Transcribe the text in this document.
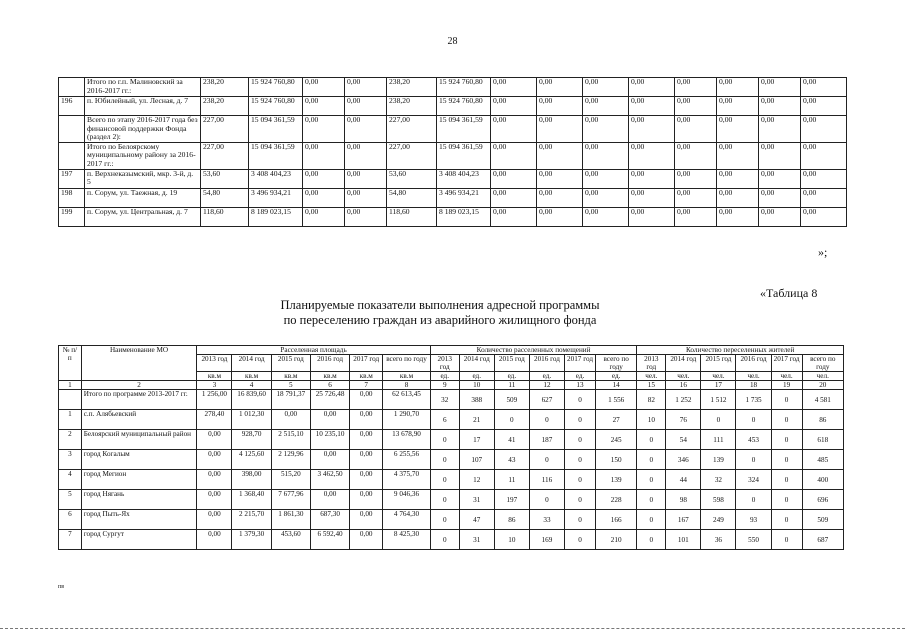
28
	Итого по г.п. Малиновский за 2016-2017 гг.:	238,20	15 924 760,80	0,00	0,00	238,20	15 924 760,80	0,00	0,00	0,00	0,00	0,00	0,00	0,00	0,00
196	п. Юбилейный, ул. Лесная, д. 7	238,20	15 924 760,80	0,00	0,00	238,20	15 924 760,80	0,00	0,00	0,00	0,00	0,00	0,00	0,00	0,00
	Всего по этапу 2016-2017 года без финансовой поддержки Фонда (раздел 2):	227,00	15 094 361,59	0,00	0,00	227,00	15 094 361,59	0,00	0,00	0,00	0,00	0,00	0,00	0,00	0,00
	Итого по Белоярскому муниципальному району за 2016-2017 гг.:	227,00	15 094 361,59	0,00	0,00	227,00	15 094 361,59	0,00	0,00	0,00	0,00	0,00	0,00	0,00	0,00
197	п. Верхнеказымский, мкр. 3-й, д. 5	53,60	3 408 404,23	0,00	0,00	53,60	3 408 404,23	0,00	0,00	0,00	0,00	0,00	0,00	0,00	0,00
198	п. Сорум, ул. Таежная, д. 19	54,80	3 496 934,21	0,00	0,00	54,80	3 496 934,21	0,00	0,00	0,00	0,00	0,00	0,00	0,00	0,00
199	п. Сорум, ул. Центральная, д. 7	118,60	8 189 023,15	0,00	0,00	118,60	8 189 023,15	0,00	0,00	0,00	0,00	0,00	0,00	0,00	0,00
»;
«Таблица 8
Планируемые показатели выполнения адресной программы
по переселению граждан из аварийного жилищного фонда
№ п/п	Наименование МО	Расселенная площадь						Количество расселенных помещений						Количество переселенных жителей					
		2013 год	2014 год	2015 год	2016 год	2017 год	всего по году	2013 год	2014 год	2015 год	2016 год	2017 год	всего по году	2013 год	2014 год	2015 год	2016 год	2017 год	всего по году
		кв.м	кв.м	кв.м	кв.м	кв.м	кв.м	ед.	ед.	ед.	ед.	ед.	ед.	чел.	чел.	чел.	чел.	чел.	чел.
1	2	3	4	5	6	7	8	9	10	11	12	13	14	15	16	17	18	19	20
	Итого по программе 2013-2017 гг.	1 256,00	16 839,60	18 791,37	25 726,48	0,00	62 613,45	32	388	509	627	0	1 556	82	1 252	1 512	1 735	0	4 581
1	с.п. Алябьевский	278,40	1 012,30	0,00	0,00	0,00	1 290,70	6	21	0	0	0	27	10	76	0	0	0	86
2	Белоярский муниципальный район	0,00	928,70	2 515,10	10 235,10	0,00	13 678,90	0	17	41	187	0	245	0	54	111	453	0	618
3	город Когалым	0,00	4 125,60	2 129,96	0,00	0,00	6 255,56	0	107	43	0	0	150	0	346	139	0	0	485
4	город Мегион	0,00	398,00	515,20	3 462,50	0,00	4 375,70	0	12	11	116	0	139	0	44	32	324	0	400
5	город Нягань	0,00	1 368,40	7 677,96	0,00	0,00	9 046,36	0	31	197	0	0	228	0	98	598	0	0	696
6	город Пыть-Ях	0,00	2 215,70	1 861,30	687,30	0,00	4 764,30	0	47	86	33	0	166	0	167	249	93	0	509
7	город Сургут	0,00	1 379,30	453,60	6 592,40	0,00	8 425,30	0	31	10	169	0	210	0	101	36	550	0	687
пв
